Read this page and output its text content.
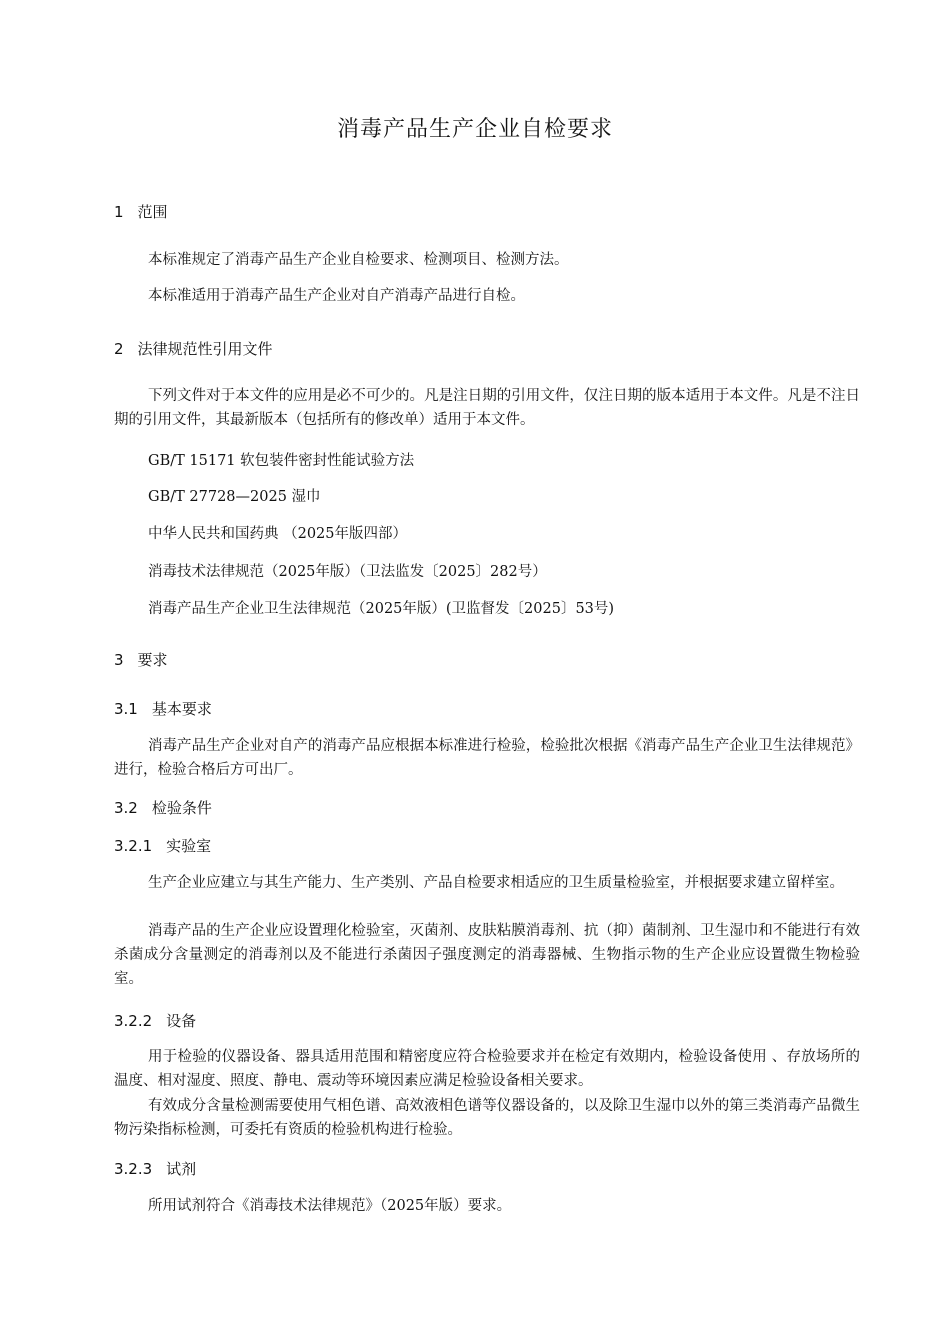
消毒产品生产企业自检要求
1 范围
本标准规定了消毒产品生产企业自检要求、检测项目、检测方法。
本标准适用于消毒产品生产企业对自产消毒产品进行自检。
2 法律规范性引用文件
下列文件对于本文件的应用是必不可少的。凡是注日期的引用文件，仅注日期的版本适用于本文件。凡是不注日期的引用文件，其最新版本（包括所有的修改单）适用于本文件。
GB/T 15171 软包装件密封性能试验方法
GB/T 27728—2025 湿巾
中华人民共和国药典 （2025年版四部）
消毒技术法律规范（2025年版）（卫法监发〔2025〕282号）
消毒产品生产企业卫生法律规范（2025年版）(卫监督发〔2025〕53号)
3 要求
3.1 基本要求
消毒产品生产企业对自产的消毒产品应根据本标准进行检验，检验批次根据《消毒产品生产企业卫生法律规范》进行，检验合格后方可出厂。
3.2 检验条件
3.2.1 实验室
生产企业应建立与其生产能力、生产类别、产品自检要求相适应的卫生质量检验室，并根据要求建立留样室。
消毒产品的生产企业应设置理化检验室，灭菌剂、皮肤粘膜消毒剂、抗（抑）菌制剂、卫生湿巾和不能进行有效杀菌成分含量测定的消毒剂以及不能进行杀菌因子强度测定的消毒器械、生物指示物的生产企业应设置微生物检验室。
3.2.2 设备
用于检验的仪器设备、器具适用范围和精密度应符合检验要求并在检定有效期内，检验设备使用 、存放场所的温度、相对湿度、照度、静电、震动等环境因素应满足检验设备相关要求。
有效成分含量检测需要使用气相色谱、高效液相色谱等仪器设备的，以及除卫生湿巾以外的第三类消毒产品微生物污染指标检测，可委托有资质的检验机构进行检验。
3.2.3 试剂
所用试剂符合《消毒技术法律规范》（2025年版）要求。
